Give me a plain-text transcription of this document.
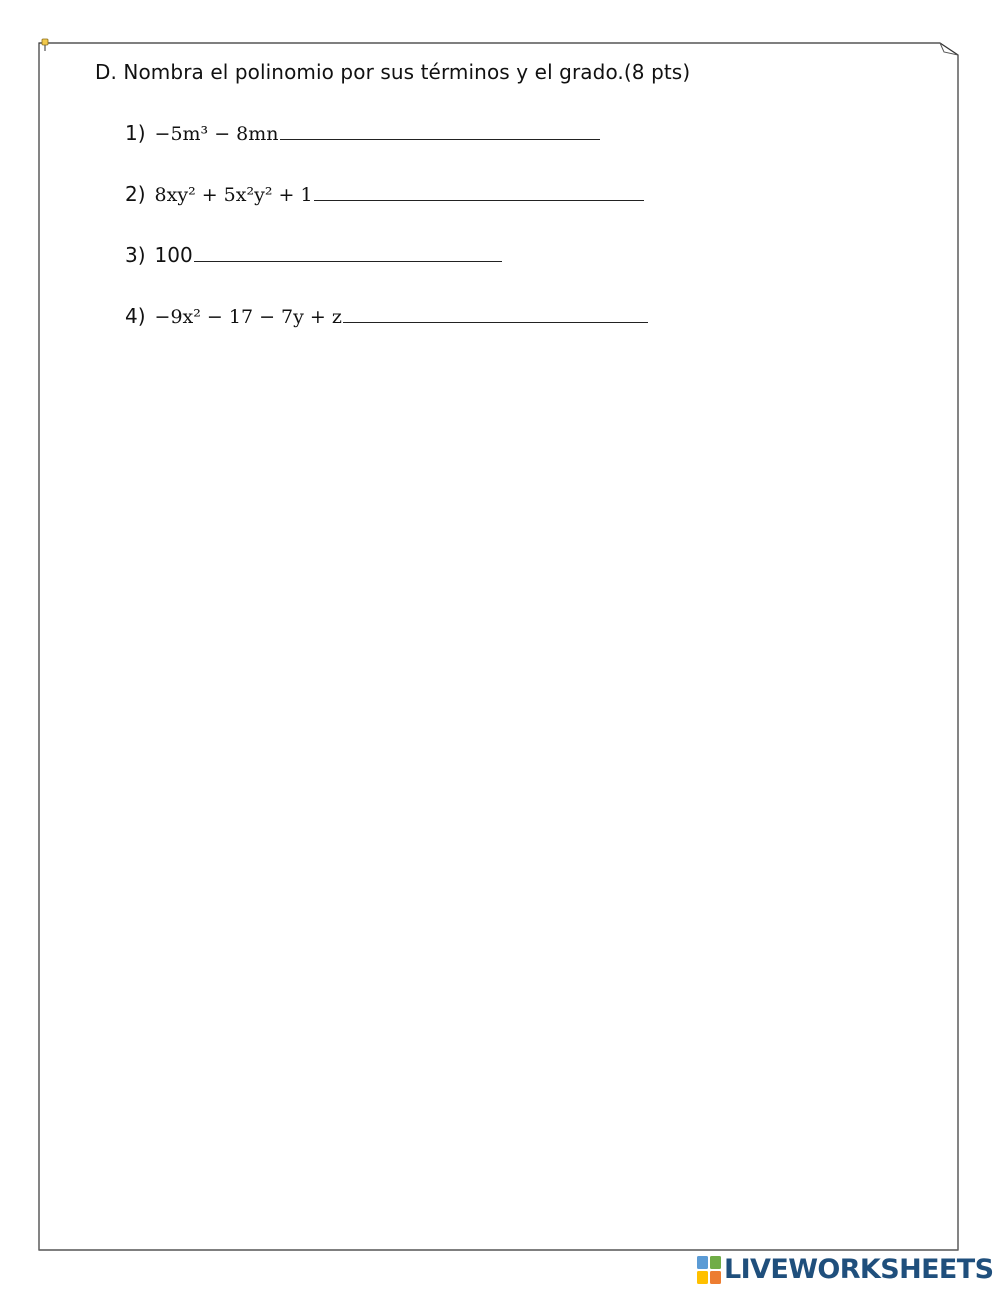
D. Nombra el polinomio por sus términos y el grado.(8 pts)
1) −5m³ − 8mn
2) 8xy² + 5x²y² + 1
3) 100
4) −9x² − 17 − 7y + z
LIVEWORKSHEETS
